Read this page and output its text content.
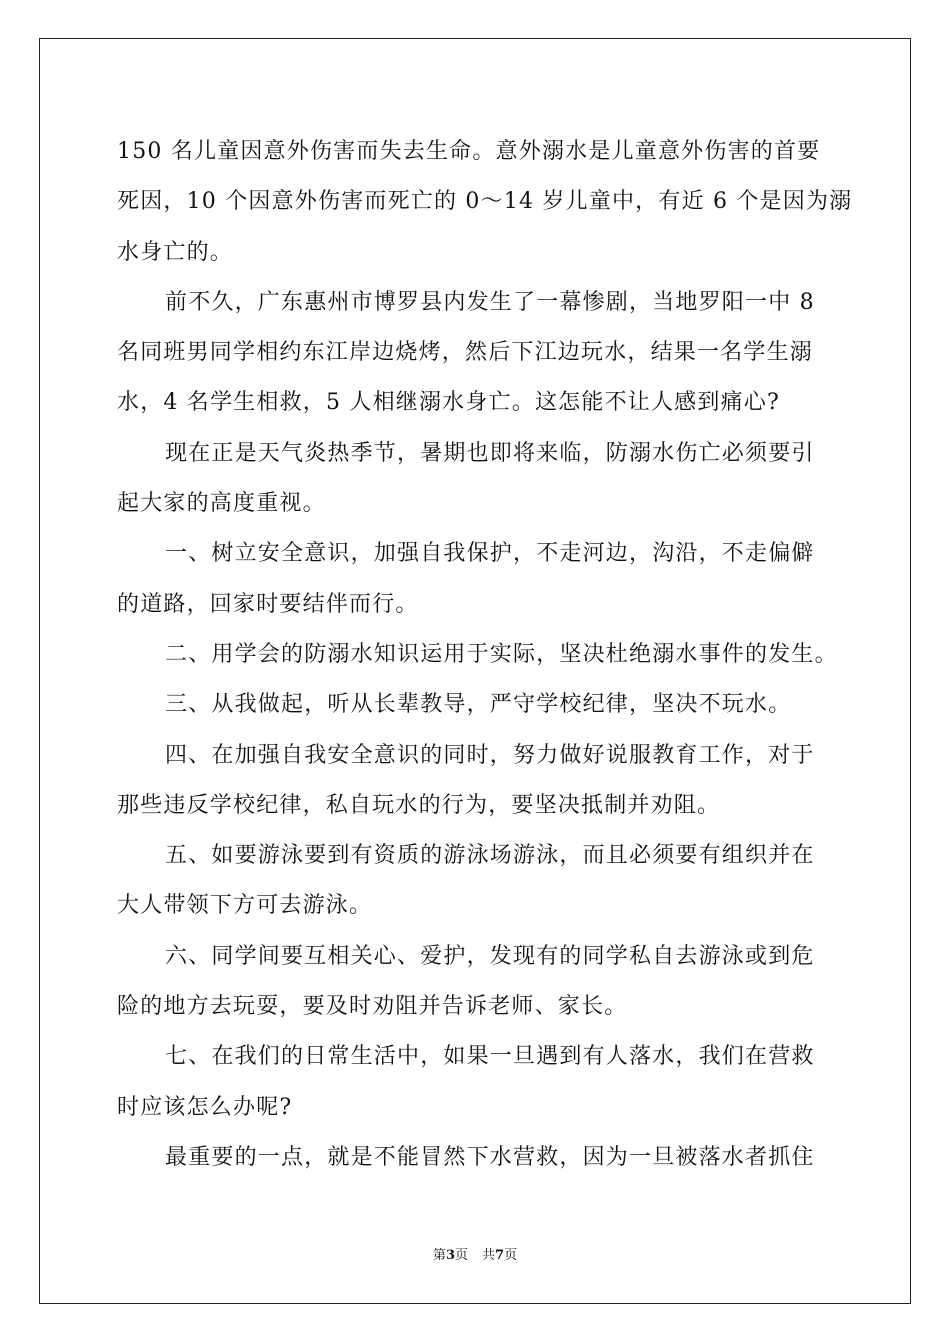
150 名儿童因意外伤害而失去生命。意外溺水是儿童意外伤害的首要
死因，10 个因意外伤害而死亡的 0～14 岁儿童中，有近 6 个是因为溺
水身亡的。
前不久，广东惠州市博罗县内发生了一幕惨剧，当地罗阳一中 8
名同班男同学相约东江岸边烧烤，然后下江边玩水，结果一名学生溺
水，4 名学生相救，5 人相继溺水身亡。这怎能不让人感到痛心?
现在正是天气炎热季节，暑期也即将来临，防溺水伤亡必须要引
起大家的高度重视。
一、树立安全意识，加强自我保护，不走河边，沟沿，不走偏僻
的道路，回家时要结伴而行。
二、用学会的防溺水知识运用于实际，坚决杜绝溺水事件的发生。
三、从我做起，听从长辈教导，严守学校纪律，坚决不玩水。
四、在加强自我安全意识的同时，努力做好说服教育工作，对于
那些违反学校纪律，私自玩水的行为，要坚决抵制并劝阻。
五、如要游泳要到有资质的游泳场游泳，而且必须要有组织并在
大人带领下方可去游泳。
六、同学间要互相关心、爱护，发现有的同学私自去游泳或到危
险的地方去玩耍，要及时劝阻并告诉老师、家长。
七、在我们的日常生活中，如果一旦遇到有人落水，我们在营救
时应该怎么办呢?
最重要的一点，就是不能冒然下水营救，因为一旦被落水者抓住
第3页 共7页
